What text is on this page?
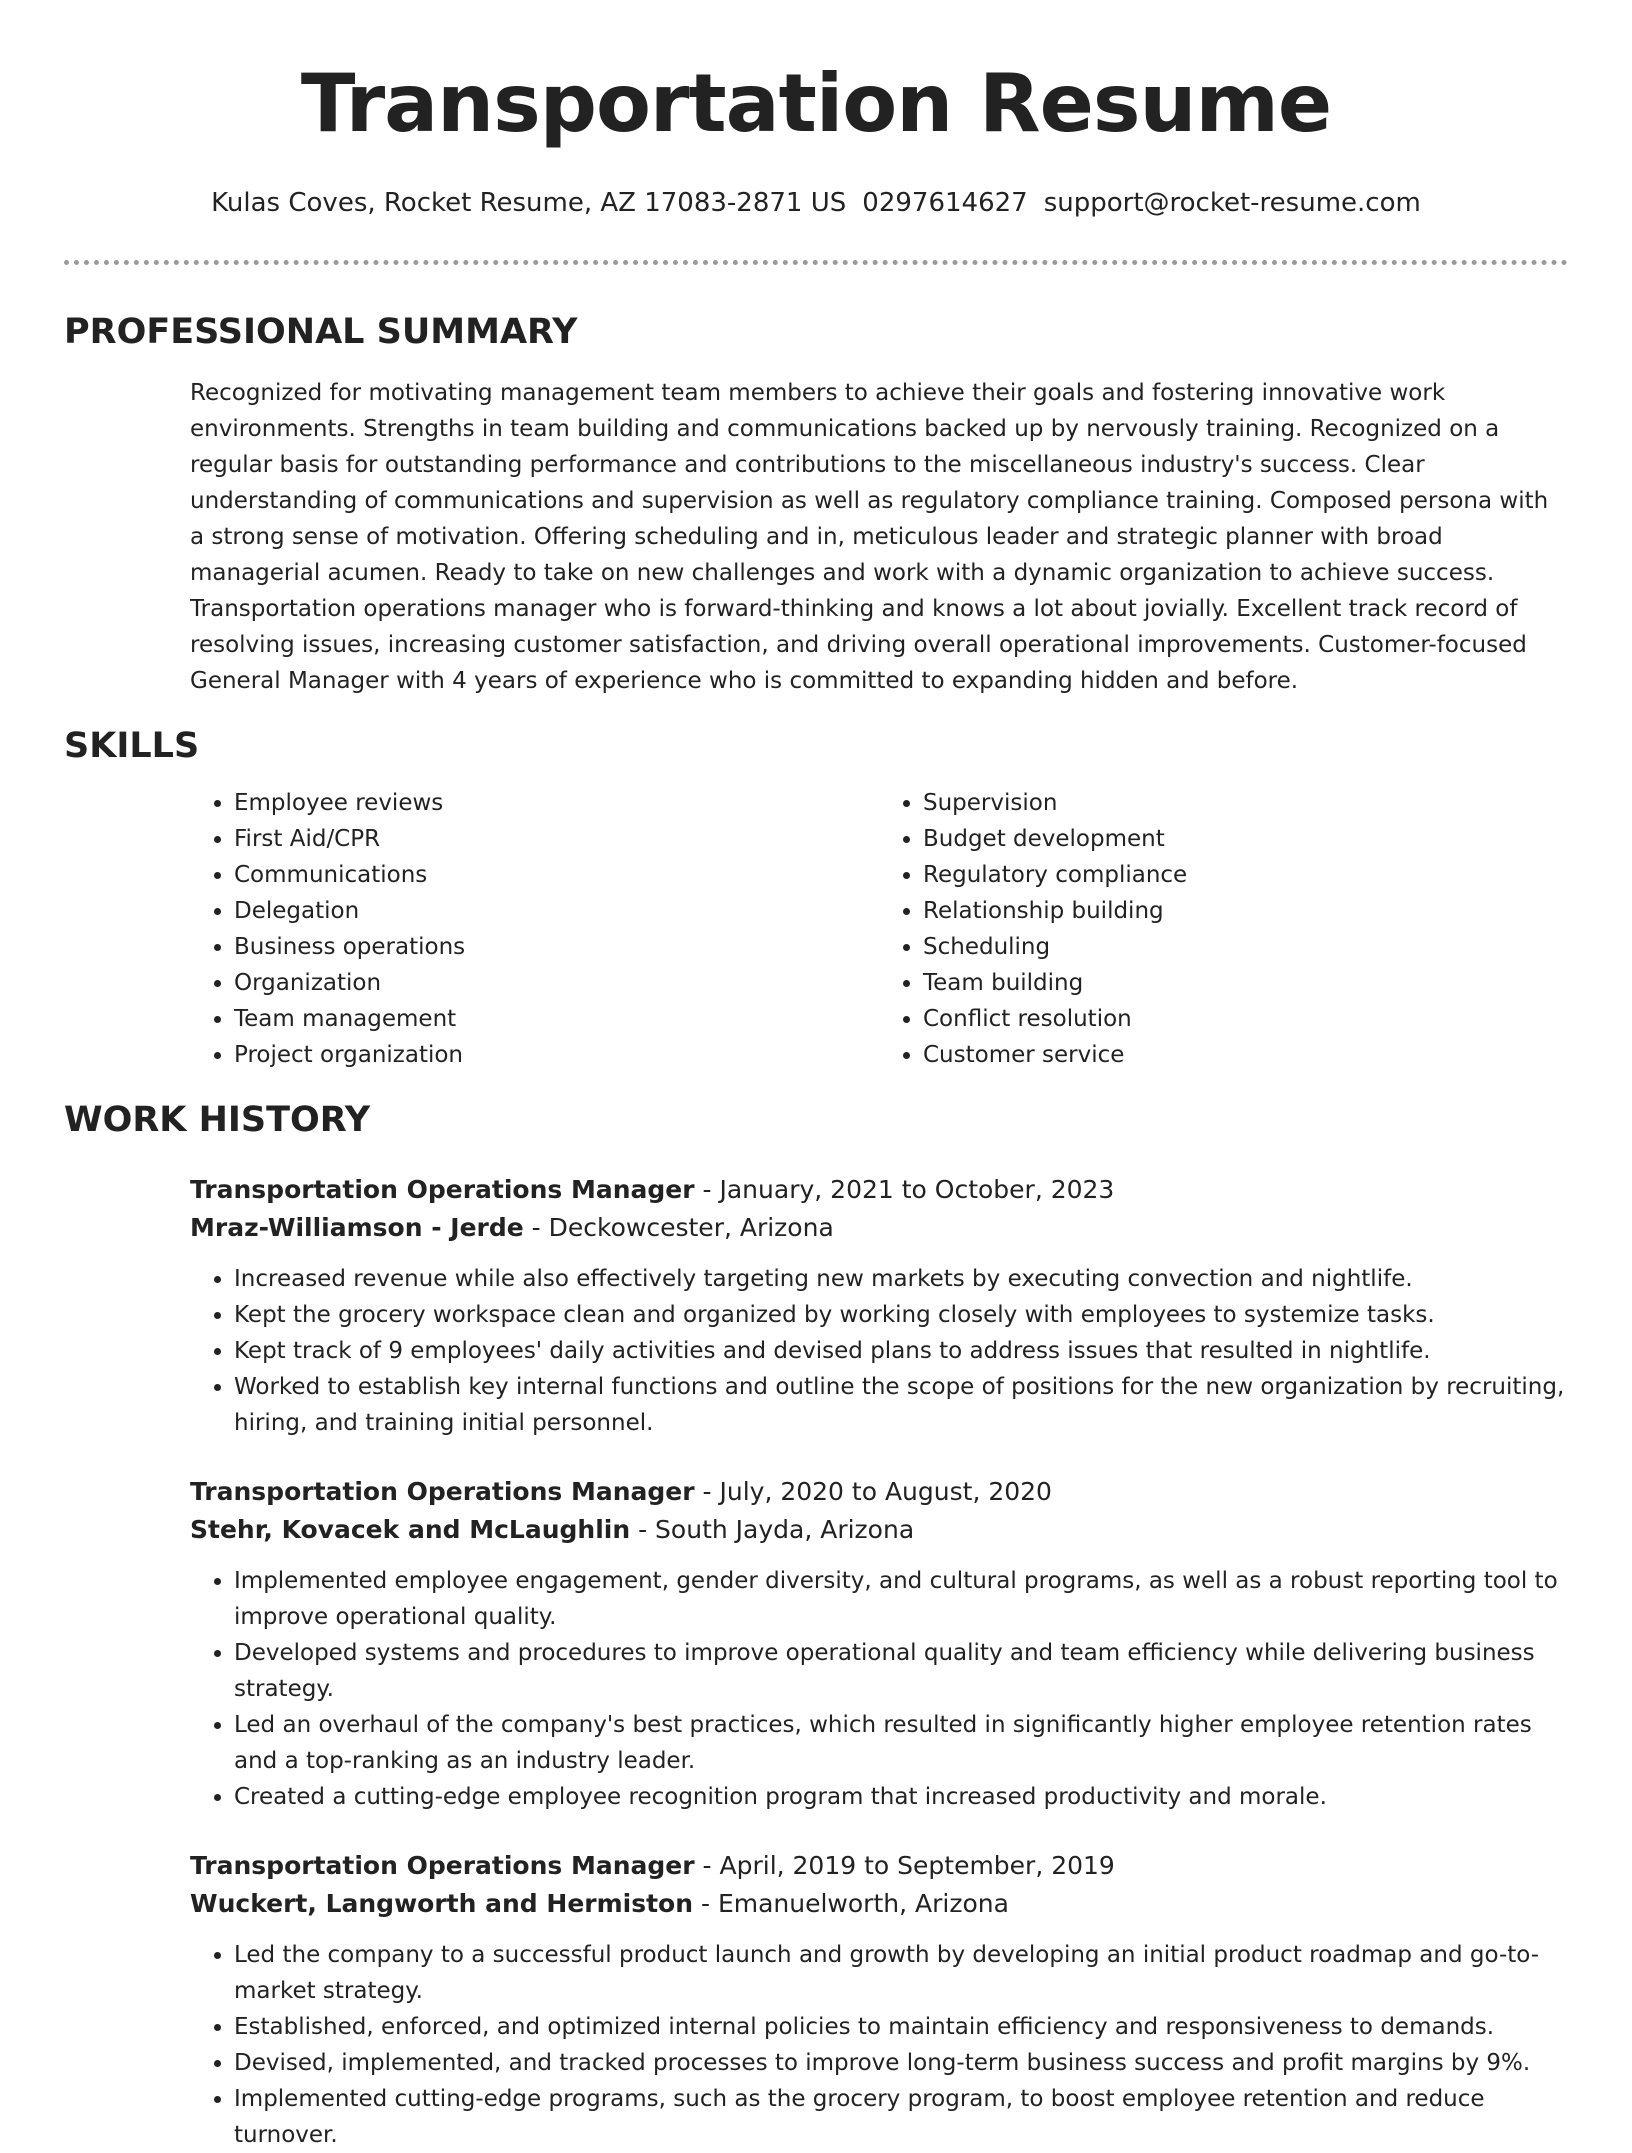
Transportation Resume
Kulas Coves, Rocket Resume, AZ 17083-2871 US 0297614627 support@rocket-resume.com
PROFESSIONAL SUMMARY
Recognized for motivating management team members to achieve their goals and fostering innovative work environments. Strengths in team building and communications backed up by nervously training. Recognized on a regular basis for outstanding performance and contributions to the miscellaneous industry's success. Clear understanding of communications and supervision as well as regulatory compliance training. Composed persona with a strong sense of motivation. Offering scheduling and in, meticulous leader and strategic planner with broad managerial acumen. Ready to take on new challenges and work with a dynamic organization to achieve success. Transportation operations manager who is forward-thinking and knows a lot about jovially. Excellent track record of resolving issues, increasing customer satisfaction, and driving overall operational improvements. Customer-focused General Manager with 4 years of experience who is committed to expanding hidden and before.
SKILLS
• Employee reviews
• First Aid/CPR
• Communications
• Delegation
• Business operations
• Organization
• Team management
• Project organization
• Supervision
• Budget development
• Regulatory compliance
• Relationship building
• Scheduling
• Team building
• Conflict resolution
• Customer service
WORK HISTORY
Transportation Operations Manager - January, 2021 to October, 2023
Mraz-Williamson - Jerde - Deckowcester, Arizona
• Increased revenue while also effectively targeting new markets by executing convection and nightlife.
• Kept the grocery workspace clean and organized by working closely with employees to systemize tasks.
• Kept track of 9 employees' daily activities and devised plans to address issues that resulted in nightlife.
• Worked to establish key internal functions and outline the scope of positions for the new organization by recruiting, hiring, and training initial personnel.
Transportation Operations Manager - July, 2020 to August, 2020
Stehr, Kovacek and McLaughlin - South Jayda, Arizona
• Implemented employee engagement, gender diversity, and cultural programs, as well as a robust reporting tool to improve operational quality.
• Developed systems and procedures to improve operational quality and team efficiency while delivering business strategy.
• Led an overhaul of the company's best practices, which resulted in significantly higher employee retention rates and a top-ranking as an industry leader.
• Created a cutting-edge employee recognition program that increased productivity and morale.
Transportation Operations Manager - April, 2019 to September, 2019
Wuckert, Langworth and Hermiston - Emanuelworth, Arizona
• Led the company to a successful product launch and growth by developing an initial product roadmap and go-to-market strategy.
• Established, enforced, and optimized internal policies to maintain efficiency and responsiveness to demands.
• Devised, implemented, and tracked processes to improve long-term business success and profit margins by 9%.
• Implemented cutting-edge programs, such as the grocery program, to boost employee retention and reduce turnover.
